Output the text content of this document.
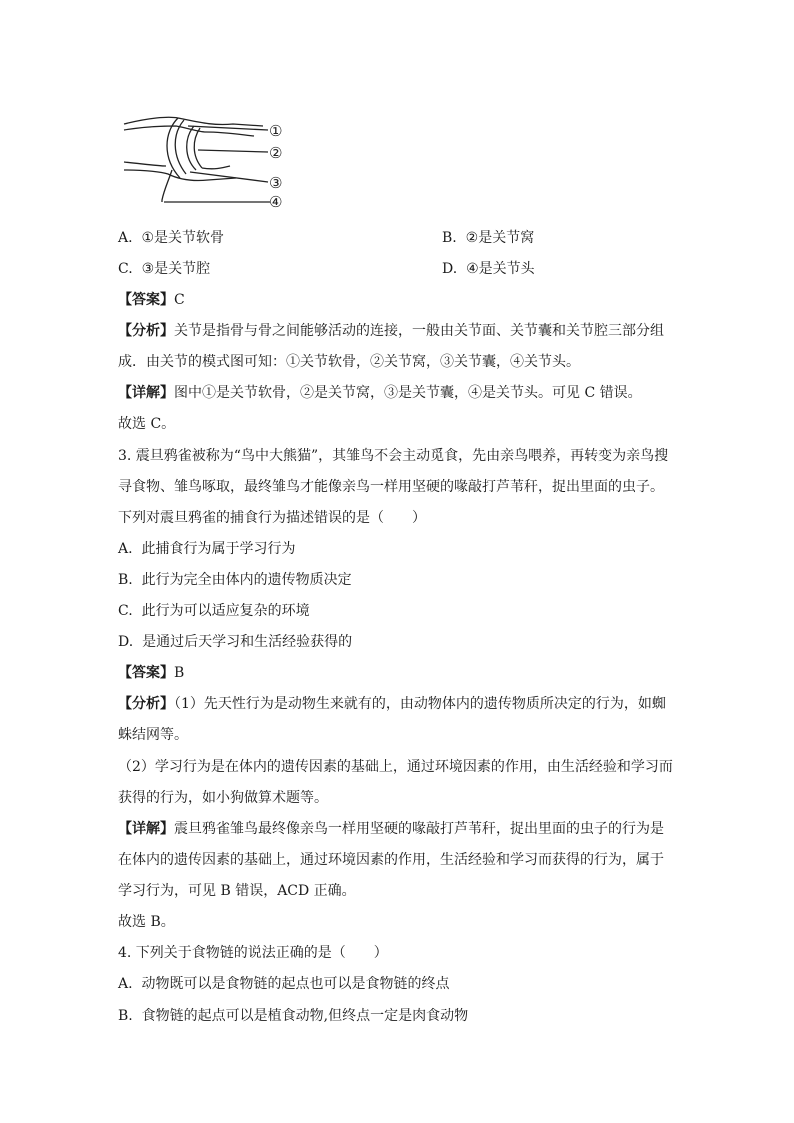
①
②
③
④
A. ①是关节软骨	B. ②是关节窝
C. ③是关节腔	D. ④是关节头
【答案】C
【分析】关节是指骨与骨之间能够活动的连接，一般由关节面、关节囊和关节腔三部分组
成．由关节的模式图可知：①关节软骨，②关节窝，③关节囊，④关节头。
【详解】图中①是关节软骨，②是关节窝，③是关节囊，④是关节头。可见 C 错误。
故选 C。
3. 震旦鸦雀被称为“鸟中大熊猫”，其雏鸟不会主动觅食，先由亲鸟喂养，再转变为亲鸟搜
寻食物、雏鸟啄取，最终雏鸟才能像亲鸟一样用坚硬的喙敲打芦苇秆，捉出里面的虫子。
下列对震旦鸦雀的捕食行为描述错误的是（　　）
A. 此捕食行为属于学习行为
B. 此行为完全由体内的遗传物质决定
C. 此行为可以适应复杂的环境
D. 是通过后天学习和生活经验获得的
【答案】B
【分析】（1）先天性行为是动物生来就有的，由动物体内的遗传物质所决定的行为，如蜘
蛛结网等。
（2）学习行为是在体内的遗传因素的基础上，通过环境因素的作用，由生活经验和学习而
获得的行为，如小狗做算术题等。
【详解】震旦鸦雀雏鸟最终像亲鸟一样用坚硬的喙敲打芦苇秆，捉出里面的虫子的行为是
在体内的遗传因素的基础上，通过环境因素的作用，生活经验和学习而获得的行为，属于
学习行为，可见 B 错误，ACD 正确。
故选 B。
4. 下列关于食物链的说法正确的是（　　）
A. 动物既可以是食物链的起点也可以是食物链的终点
B. 食物链的起点可以是植食动物,但终点一定是肉食动物
